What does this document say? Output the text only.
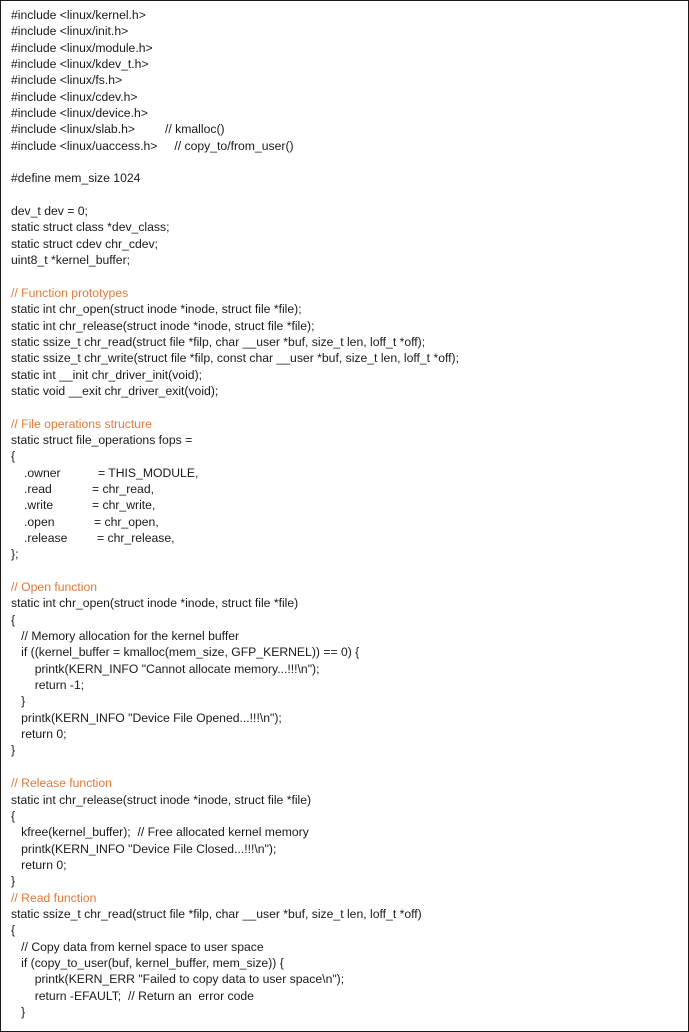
#include <linux/kernel.h>
#include <linux/init.h>
#include <linux/module.h>
#include <linux/kdev_t.h>
#include <linux/fs.h>
#include <linux/cdev.h>
#include <linux/device.h>
#include <linux/slab.h> // kmalloc()
#include <linux/uaccess.h> // copy_to/from_user()
#define mem_size 1024
dev_t dev = 0;
static struct class *dev_class;
static struct cdev chr_cdev;
uint8_t *kernel_buffer;
// Function prototypes
static int chr_open(struct inode *inode, struct file *file);
static int chr_release(struct inode *inode, struct file *file);
static ssize_t chr_read(struct file *filp, char __user *buf, size_t len, loff_t *off);
static ssize_t chr_write(struct file *filp, const char __user *buf, size_t len, loff_t *off);
static int __init chr_driver_init(void);
static void __exit chr_driver_exit(void);
// File operations structure
static struct file_operations fops =
{
.owner	= THIS_MODULE,
.read	= chr_read,
.write	= chr_write,
.open	= chr_open,
.release = chr_release,
};
// Open function
static int chr_open(struct inode *inode, struct file *file)
{
// Memory allocation for the kernel buffer
if ((kernel_buffer = kmalloc(mem_size, GFP_KERNEL)) == 0) {
printk(KERN_INFO "Cannot allocate memory...!!!\n");
return -1;
}
printk(KERN_INFO "Device File Opened...!!!\n");
return 0;
}
// Release function
static int chr_release(struct inode *inode, struct file *file)
{
kfree(kernel_buffer);  // Free allocated kernel memory
printk(KERN_INFO "Device File Closed...!!!\n");
return 0;
}
// Read function
static ssize_t chr_read(struct file *filp, char __user *buf, size_t len, loff_t *off)
{
// Copy data from kernel space to user space
if (copy_to_user(buf, kernel_buffer, mem_size)) {
printk(KERN_ERR "Failed to copy data to user space\n");
return -EFAULT;  // Return an  error code
}
